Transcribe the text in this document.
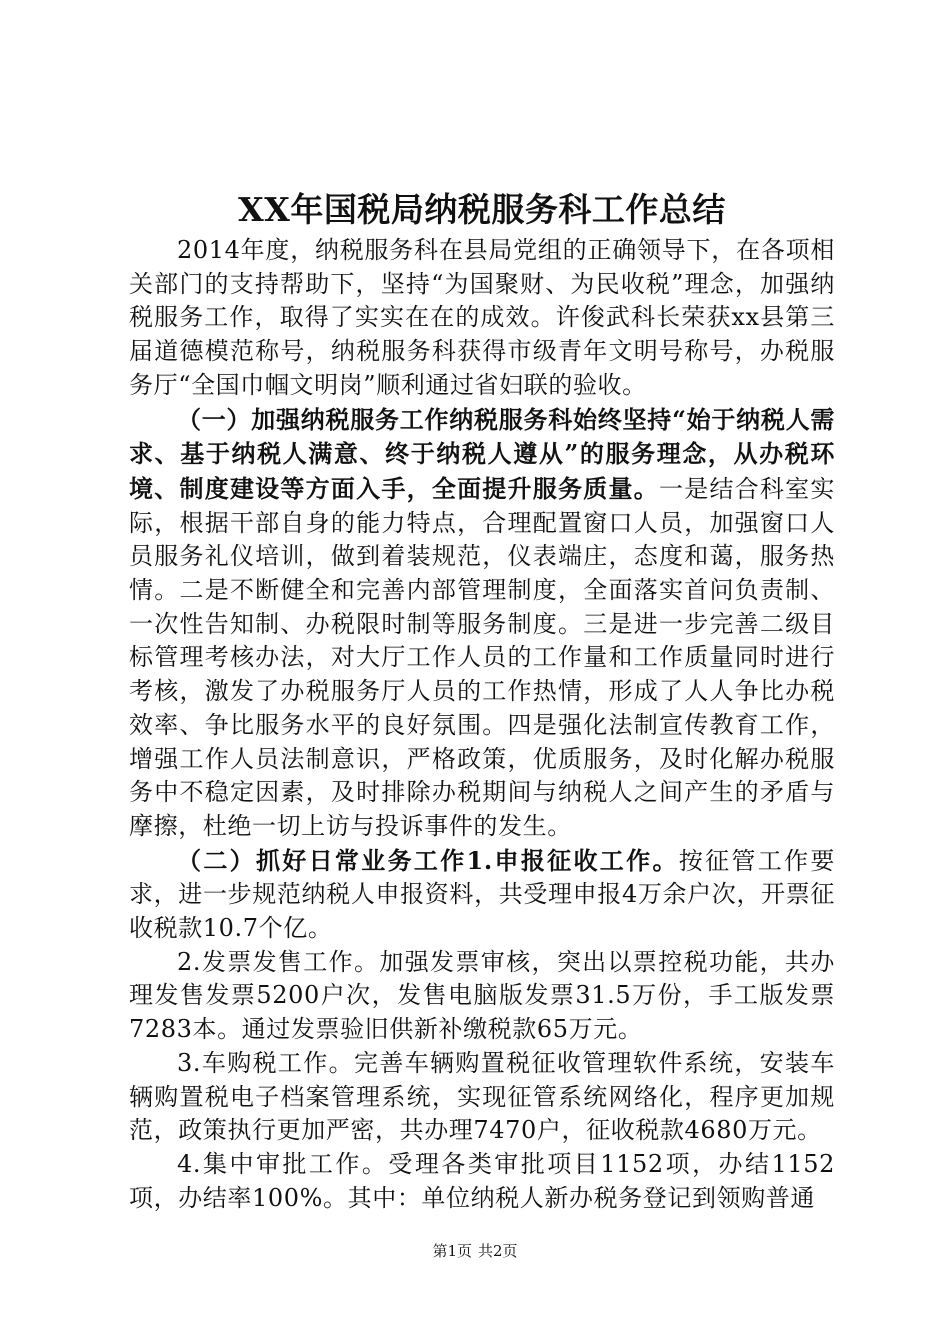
XX年国税局纳税服务科工作总结

2014年度，纳税服务科在县局党组的正确领导下，在各项相关部门的支持帮助下，坚持“为国聚财、为民收税”理念，加强纳税服务工作，取得了实实在在的成效。许俊武科长荣获xx县第三届道德模范称号，纳税服务科获得市级青年文明号称号，办税服务厅“全国巾帼文明岗”顺利通过省妇联的验收。

（一）加强纳税服务工作纳税服务科始终坚持“始于纳税人需求、基于纳税人满意、终于纳税人遵从”的服务理念，从办税环境、制度建设等方面入手，全面提升服务质量。一是结合科室实际，根据干部自身的能力特点，合理配置窗口人员，加强窗口人员服务礼仪培训，做到着装规范，仪表端庄，态度和蔼，服务热情。二是不断健全和完善内部管理制度，全面落实首问负责制、一次性告知制、办税限时制等服务制度。三是进一步完善二级目标管理考核办法，对大厅工作人员的工作量和工作质量同时进行考核，激发了办税服务厅人员的工作热情，形成了人人争比办税效率、争比服务水平的良好氛围。四是强化法制宣传教育工作，增强工作人员法制意识，严格政策，优质服务，及时化解办税服务中不稳定因素，及时排除办税期间与纳税人之间产生的矛盾与摩擦，杜绝一切上访与投诉事件的发生。

（二）抓好日常业务工作1.申报征收工作。按征管工作要求，进一步规范纳税人申报资料，共受理申报4万余户次，开票征收税款10.7个亿。

2.发票发售工作。加强发票审核，突出以票控税功能，共办理发售发票5200户次，发售电脑版发票31.5万份，手工版发票7283本。通过发票验旧供新补缴税款65万元。

3.车购税工作。完善车辆购置税征收管理软件系统，安装车辆购置税电子档案管理系统，实现征管系统网络化，程序更加规范，政策执行更加严密，共办理7470户，征收税款4680万元。

4.集中审批工作。受理各类审批项目1152项，办结1152项，办结率100%。其中：单位纳税人新办税务登记到领购普通

第1页 共2页
